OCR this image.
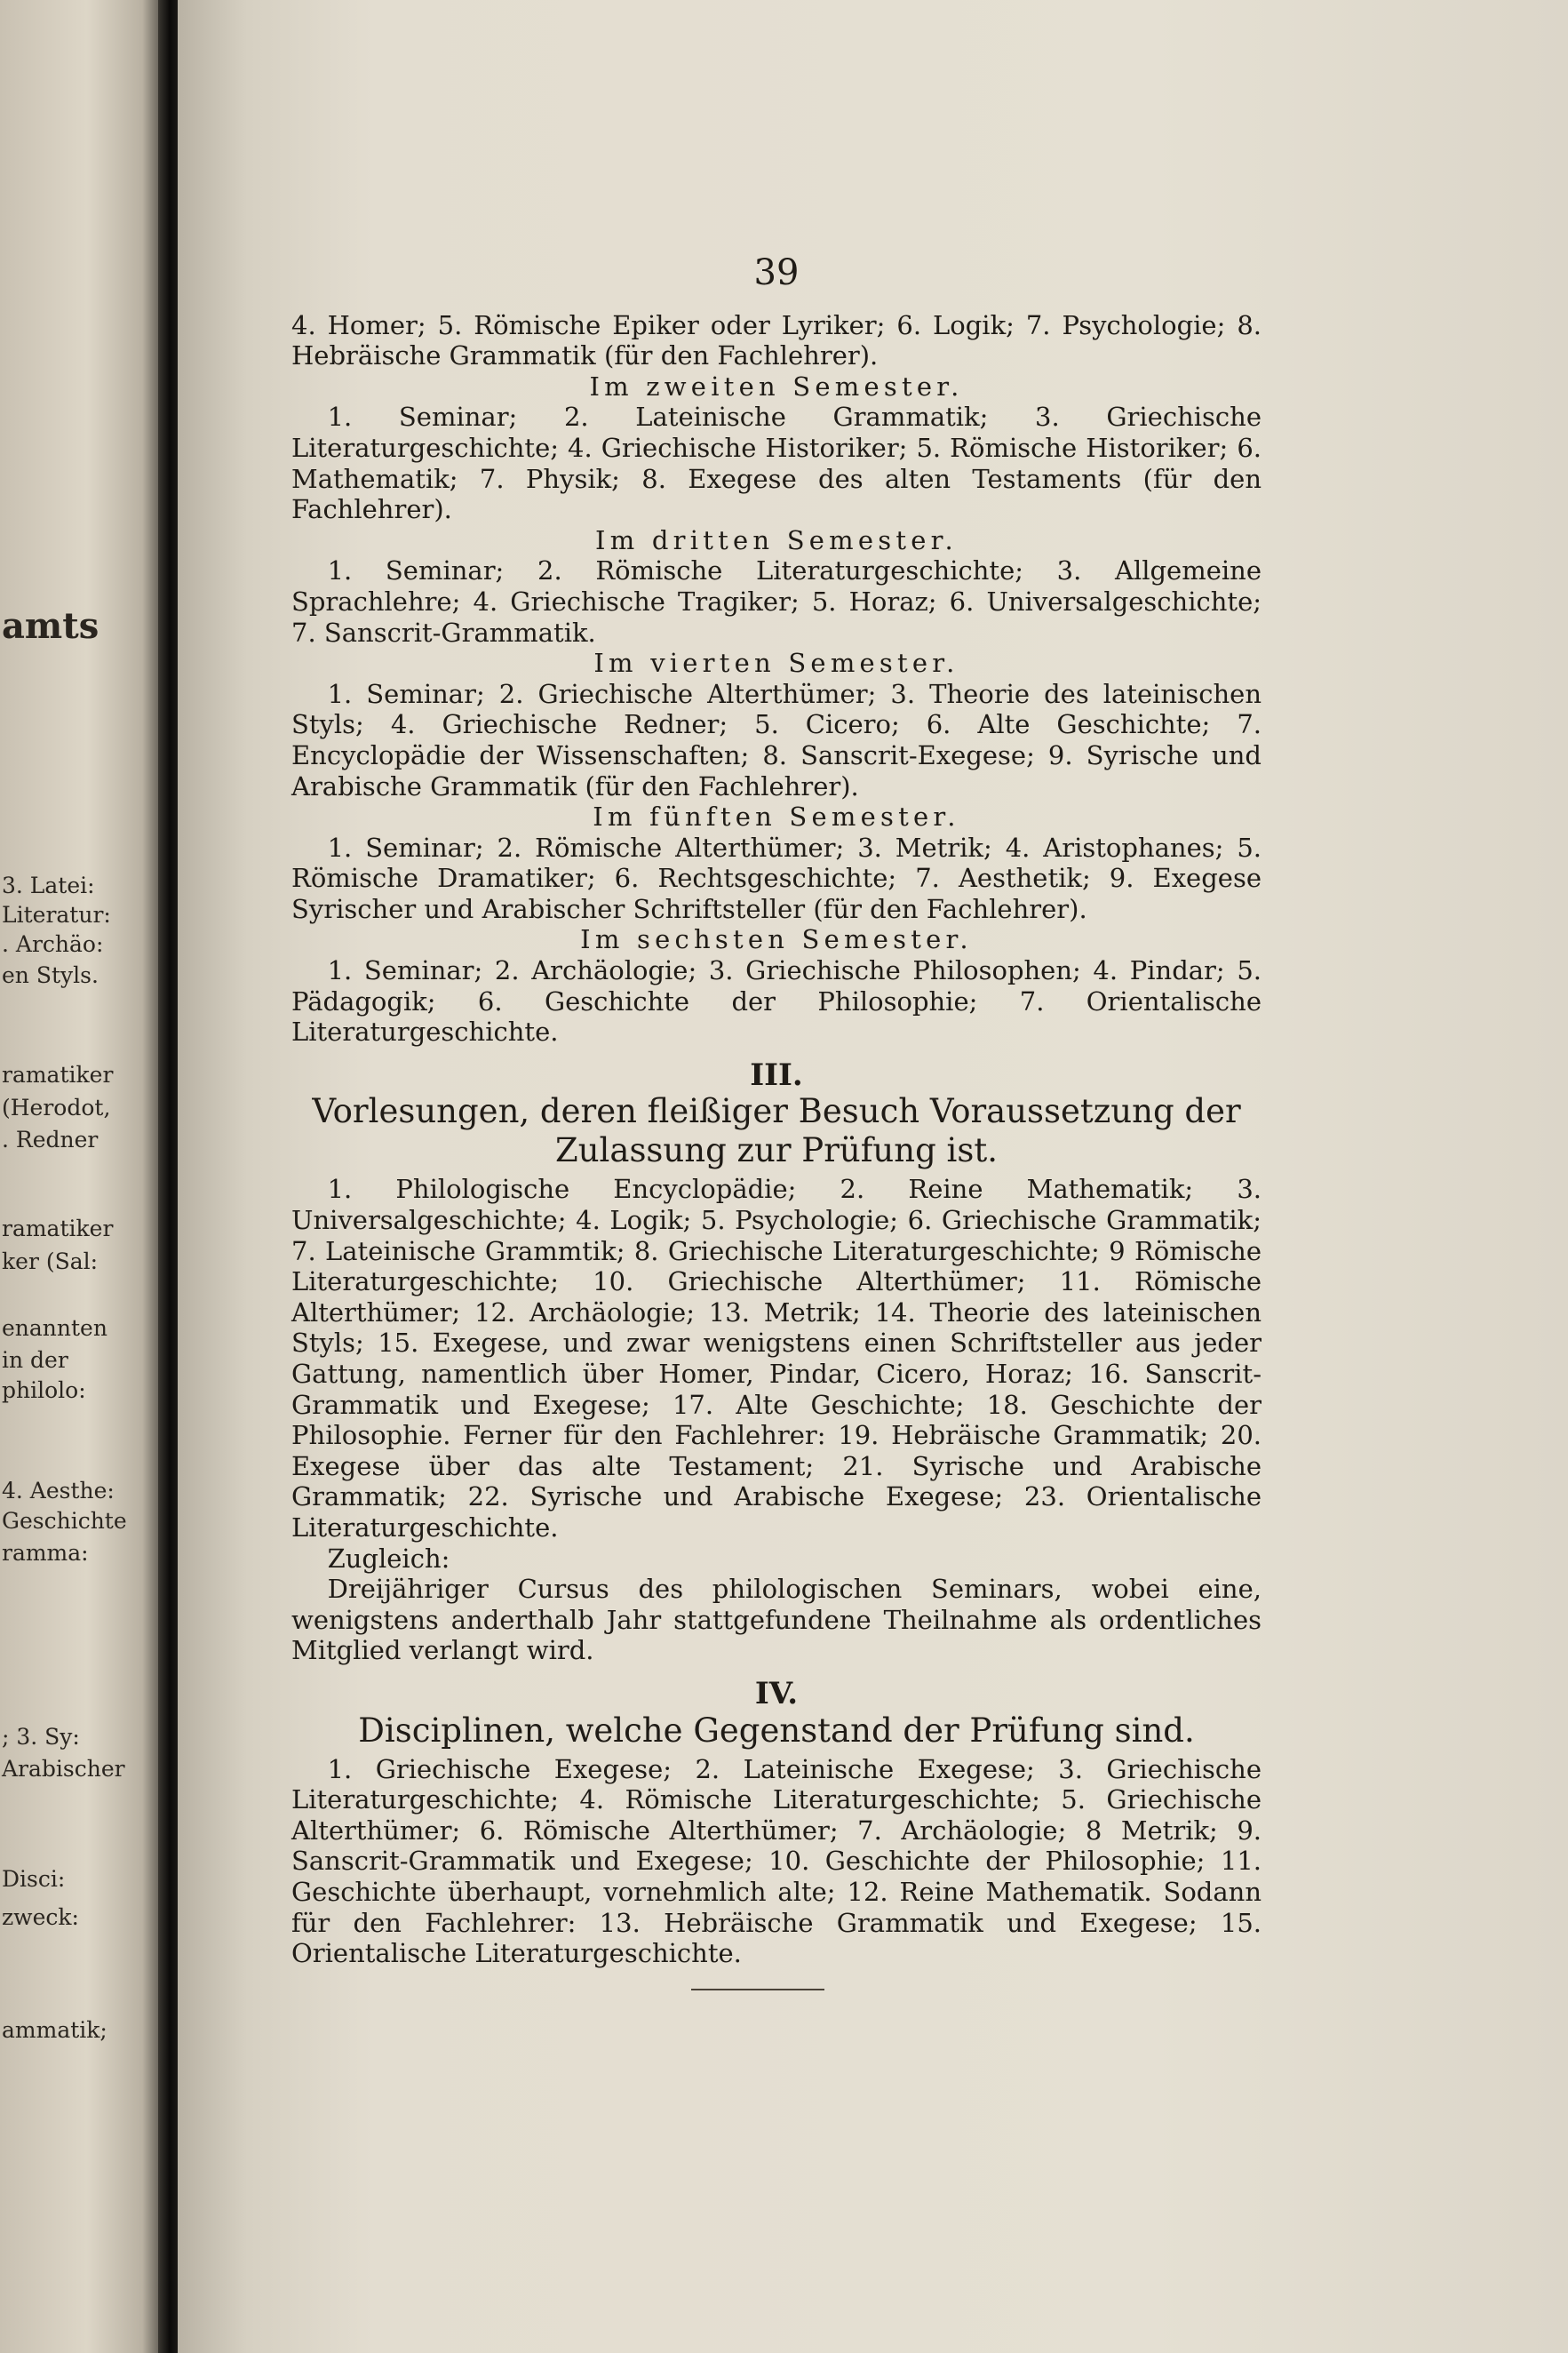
amts

3. Latei:

Literatur:

. Archäo:

en Styls.

ramatiker

(Herodot,

. Redner

ramatiker

ker (Sal:

enannten

in der

philolo:

4. Aesthe:

Geschichte

ramma:

; 3. Sy:

Arabischer

Disci:

zweck:

ammatik;

39

4. Homer; 5. Römische Epiker oder Lyriker; 6. Logik; 7. Psychologie; 8. Hebräische Grammatik (für den Fachlehrer).

Im zweiten Semester.

1. Seminar; 2. Lateinische Grammatik; 3. Griechische Literaturgeschichte; 4. Griechische Historiker; 5. Römische Historiker; 6. Mathematik; 7. Physik; 8. Exegese des alten Testaments (für den Fachlehrer).

Im dritten Semester.

1. Seminar; 2. Römische Literaturgeschichte; 3. Allgemeine Sprachlehre; 4. Griechische Tragiker; 5. Horaz; 6. Universalgeschichte; 7. Sanscrit-Grammatik.

Im vierten Semester.

1. Seminar; 2. Griechische Alterthümer; 3. Theorie des lateinischen Styls; 4. Griechische Redner; 5. Cicero; 6. Alte Geschichte; 7. Encyclopädie der Wissenschaften; 8. Sanscrit-Exegese; 9. Syrische und Arabische Grammatik (für den Fachlehrer).

Im fünften Semester.

1. Seminar; 2. Römische Alterthümer; 3. Metrik; 4. Aristophanes; 5. Römische Dramatiker; 6. Rechtsgeschichte; 7. Aesthetik; 9. Exegese Syrischer und Arabischer Schriftsteller (für den Fachlehrer).

Im sechsten Semester.

1. Seminar; 2. Archäologie; 3. Griechische Philosophen; 4. Pindar; 5. Pädagogik; 6. Geschichte der Philosophie; 7. Orientalische Literaturgeschichte.

III.

Vorlesungen, deren fleißiger Besuch Voraussetzung der Zulassung zur Prüfung ist.

1. Philologische Encyclopädie; 2. Reine Mathematik; 3. Universalgeschichte; 4. Logik; 5. Psychologie; 6. Griechische Grammatik; 7. Lateinische Grammtik; 8. Griechische Literaturgeschichte; 9 Römische Literaturgeschichte; 10. Griechische Alterthümer; 11. Römische Alterthümer; 12. Archäologie; 13. Metrik; 14. Theorie des lateinischen Styls; 15. Exegese, und zwar wenigstens einen Schriftsteller aus jeder Gattung, namentlich über Homer, Pindar, Cicero, Horaz; 16. Sanscrit-Grammatik und Exegese; 17. Alte Geschichte; 18. Geschichte der Philosophie. Ferner für den Fachlehrer: 19. Hebräische Grammatik; 20. Exegese über das alte Testament; 21. Syrische und Arabische Grammatik; 22. Syrische und Arabische Exegese; 23. Orientalische Literaturgeschichte.

Zugleich:

Dreijähriger Cursus des philologischen Seminars, wobei eine, wenigstens anderthalb Jahr stattgefundene Theilnahme als ordentliches Mitglied verlangt wird.

IV.

Disciplinen, welche Gegenstand der Prüfung sind.

1. Griechische Exegese; 2. Lateinische Exegese; 3. Griechische Literaturgeschichte; 4. Römische Literaturgeschichte; 5. Griechische Alterthümer; 6. Römische Alterthümer; 7. Archäologie; 8 Metrik; 9. Sanscrit-Grammatik und Exegese; 10. Geschichte der Philosophie; 11. Geschichte überhaupt, vornehmlich alte; 12. Reine Mathematik. Sodann für den Fachlehrer: 13. Hebräische Grammatik und Exegese; 15. Orientalische Literaturgeschichte.
